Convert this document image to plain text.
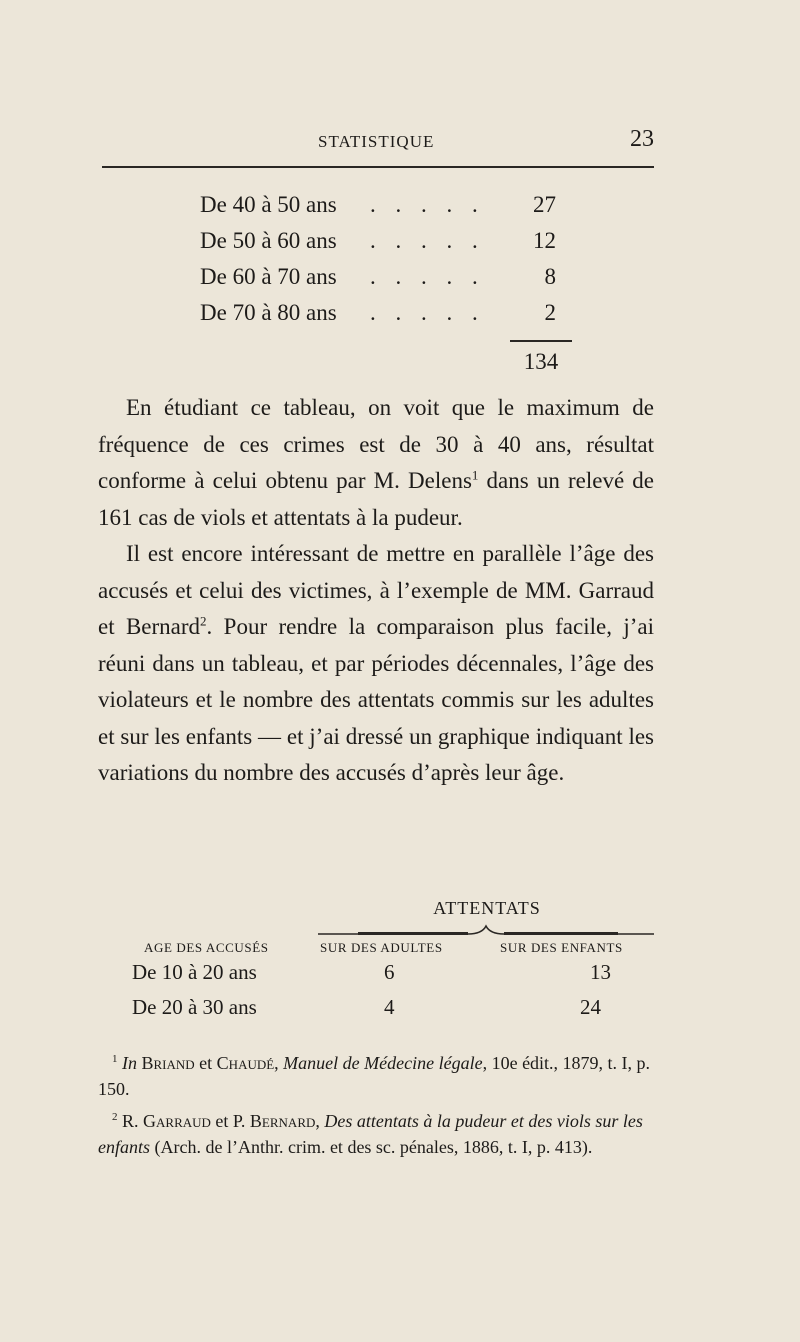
STATISTIQUE	23
De 40 à 50 ans . . . . . 27
De 50 à 60 ans . . . . . 12
De 60 à 70 ans . . . . .	8
De 70 à 80 ans . . . . .	2
134

En étudiant ce tableau, on voit que le maximum de fréquence de ces crimes est de 30 à 40 ans, résultat conforme à celui obtenu par M. Delens$^1$ dans un relevé de 161 cas de viols et attentats à la pudeur.

Il est encore intéressant de mettre en parallèle l’âge des accusés et celui des victimes, à l’exemple de MM. Garraud et Bernard$^2$. Pour rendre la comparaison plus facile, j’ai réuni dans un tableau, et par périodes décennales, l’âge des violateurs et le nombre des attentats commis sur les adultes et sur les enfants — et j’ai dressé un graphique indiquant les variations du nombre des accusés d’après leur âge.

ATTENTATS
AGE DES ACCUSÉS	SUR DES ADULTES	SUR DES ENFANTS
De 10 à 20 ans	6	13
De 20 à 30 ans	4	24

$^1$ In Briand et Chaudé, Manuel de Médecine légale, 10e édit., 1879, t. I, p. 150.

$^2$ R. Garraud et P. Bernard, Des attentats à la pudeur et des viols sur les enfants (Arch. de l’Anthr. crim. et des sc. pénales, 1886, t. I, p. 413).
